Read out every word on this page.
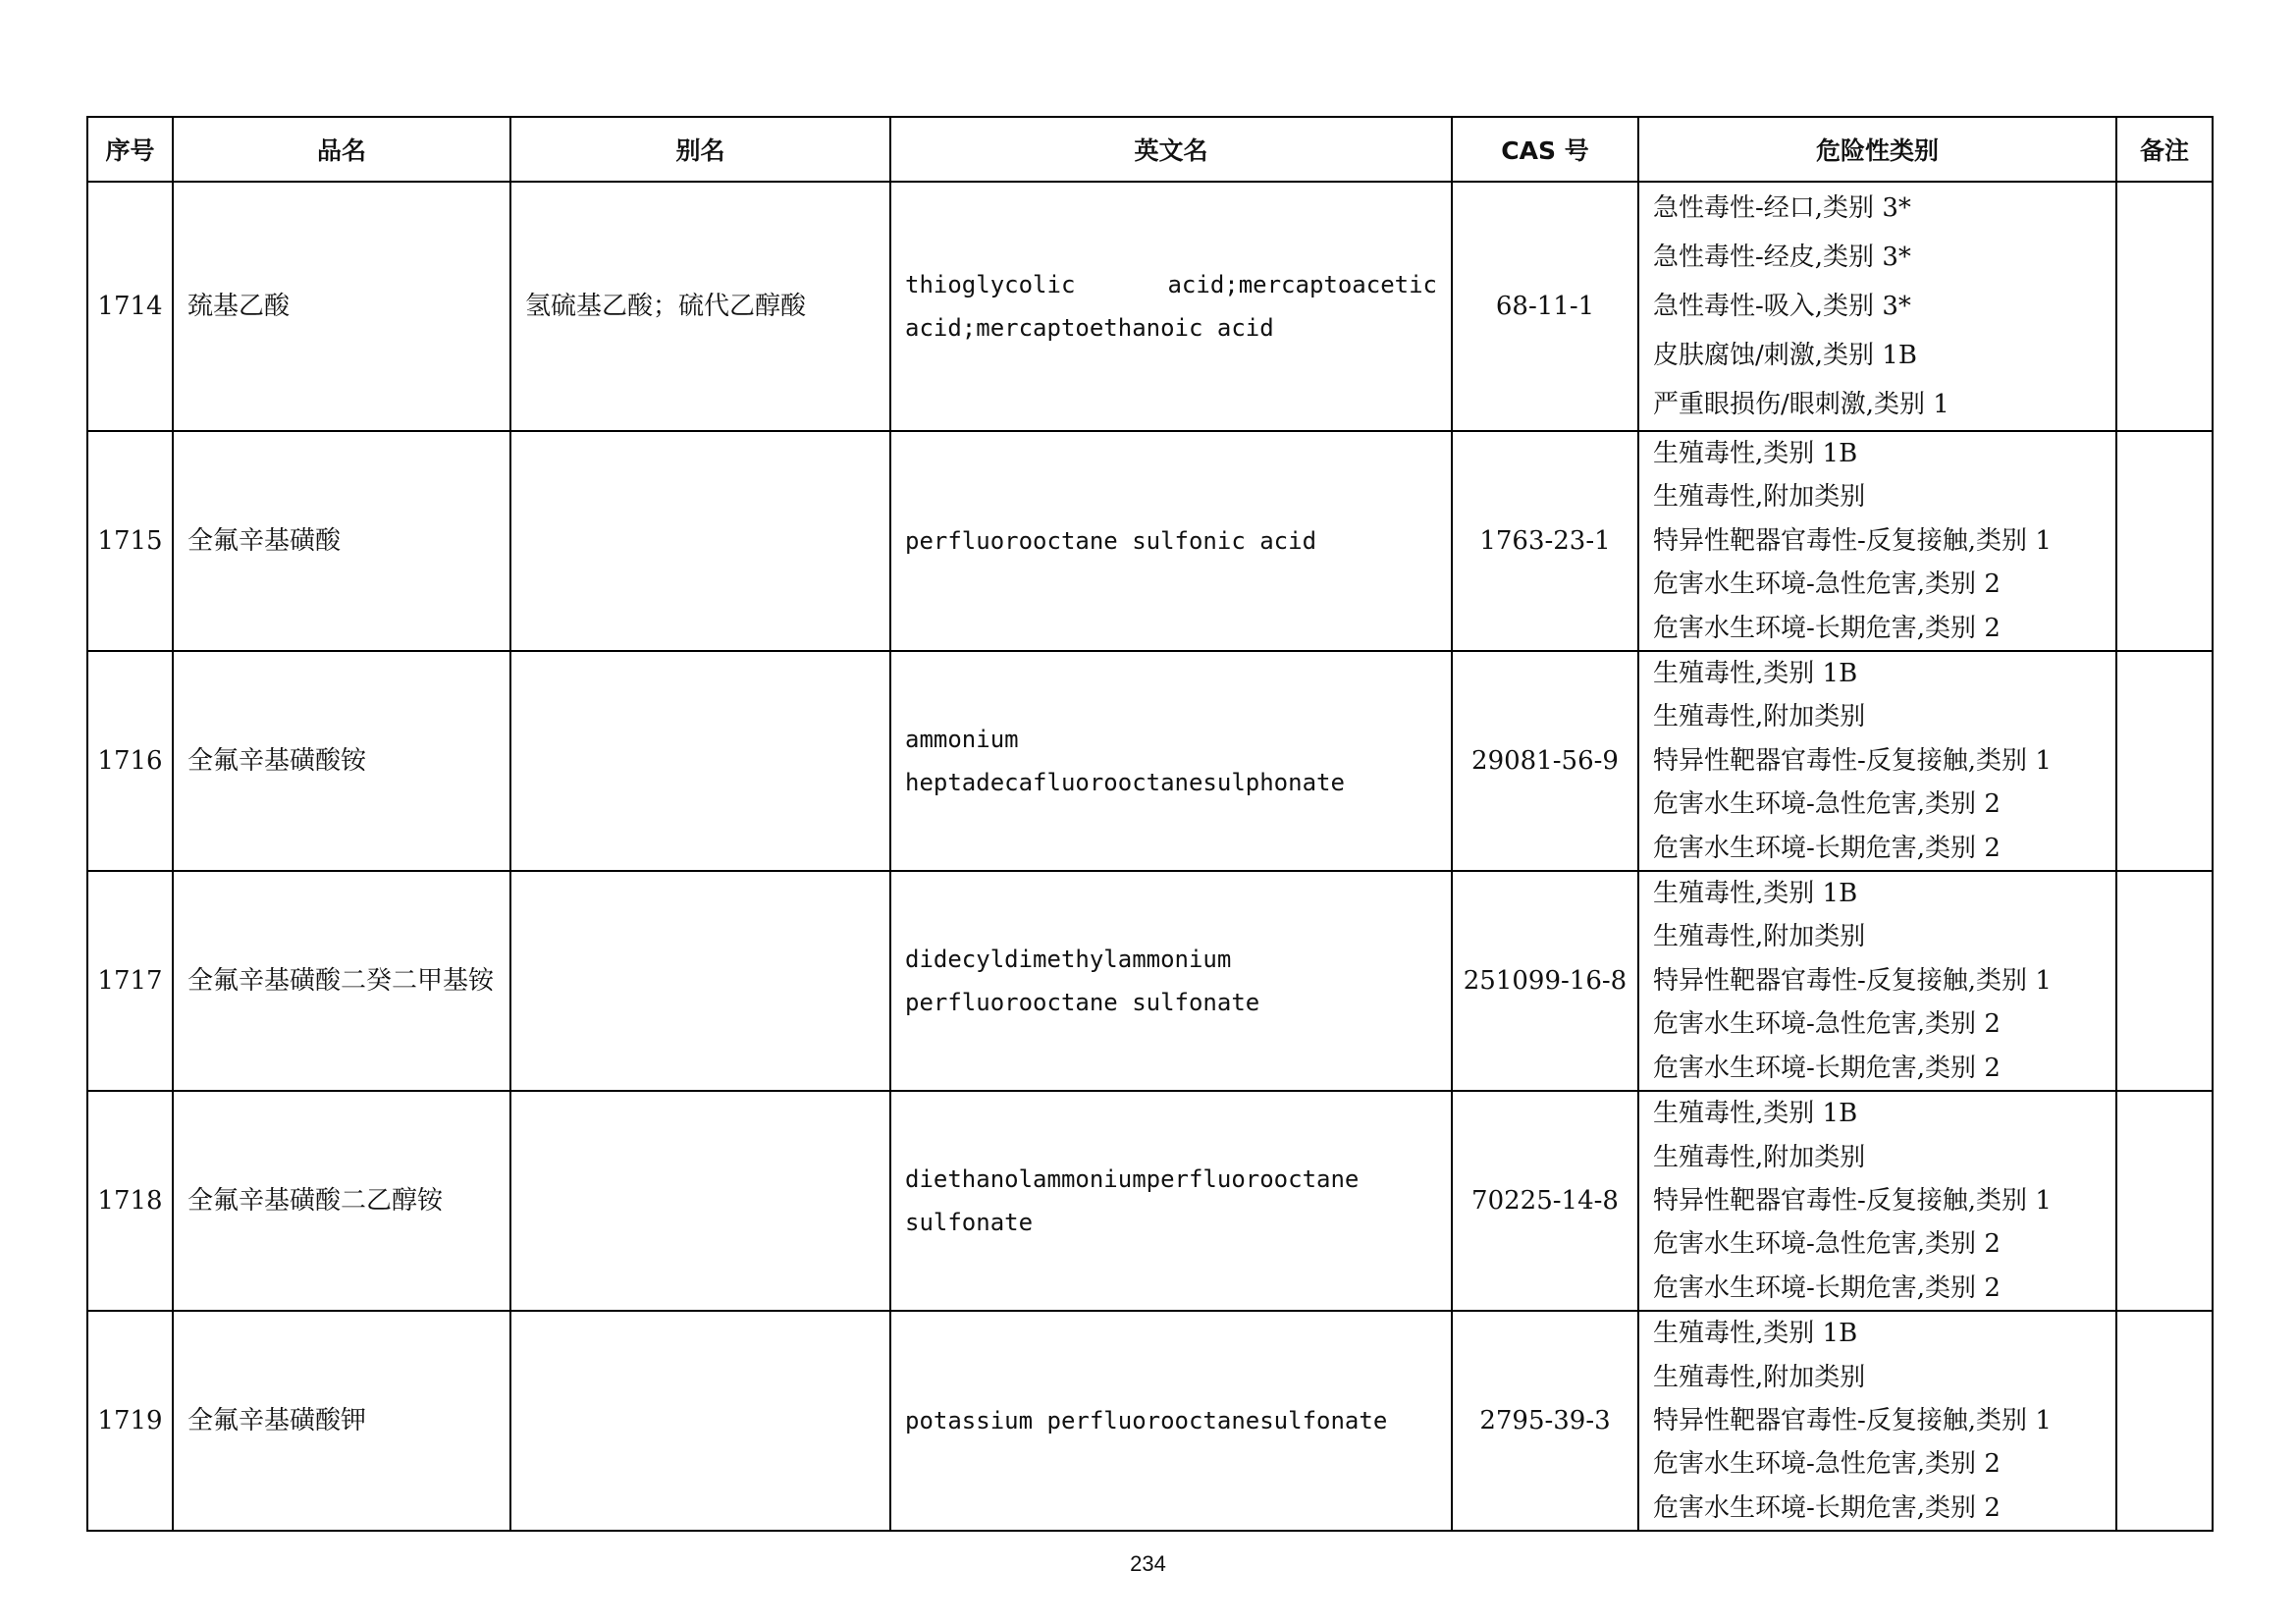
序号	品名	别名	英文名	CAS 号	危险性类别	备注
1714	巯基乙酸	氢硫基乙酸；硫代乙醇酸	thioglycolic acid;mercaptoacetic acid;mercaptoethanoic acid	68-11-1	急性毒性-经口,类别 3*
急性毒性-经皮,类别 3*
急性毒性-吸入,类别 3*
皮肤腐蚀/刺激,类别 1B
严重眼损伤/眼刺激,类别 1	

1715	全氟辛基磺酸		perfluorooctane sulfonic acid	1763-23-1	生殖毒性,类别 1B
生殖毒性,附加类别
特异性靶器官毒性-反复接触,类别 1
危害水生环境-急性危害,类别 2
危害水生环境-长期危害,类别 2	

1716	全氟辛基磺酸铵		ammonium heptadecafluorooctanesulphonate	29081-56-9	生殖毒性,类别 1B
生殖毒性,附加类别
特异性靶器官毒性-反复接触,类别 1
危害水生环境-急性危害,类别 2
危害水生环境-长期危害,类别 2	

1717	全氟辛基磺酸二癸二甲基铵		didecyldimethylammonium perfluorooctane sulfonate	251099-16-8	生殖毒性,类别 1B
生殖毒性,附加类别
特异性靶器官毒性-反复接触,类别 1
危害水生环境-急性危害,类别 2
危害水生环境-长期危害,类别 2	

1718	全氟辛基磺酸二乙醇铵		diethanolammoniumperfluorooctane sulfonate	70225-14-8	生殖毒性,类别 1B
生殖毒性,附加类别
特异性靶器官毒性-反复接触,类别 1
危害水生环境-急性危害,类别 2
危害水生环境-长期危害,类别 2	

1719	全氟辛基磺酸钾		potassium perfluorooctanesulfonate	2795-39-3	生殖毒性,类别 1B
生殖毒性,附加类别
特异性靶器官毒性-反复接触,类别 1
危害水生环境-急性危害,类别 2
危害水生环境-长期危害,类别 2	

234
